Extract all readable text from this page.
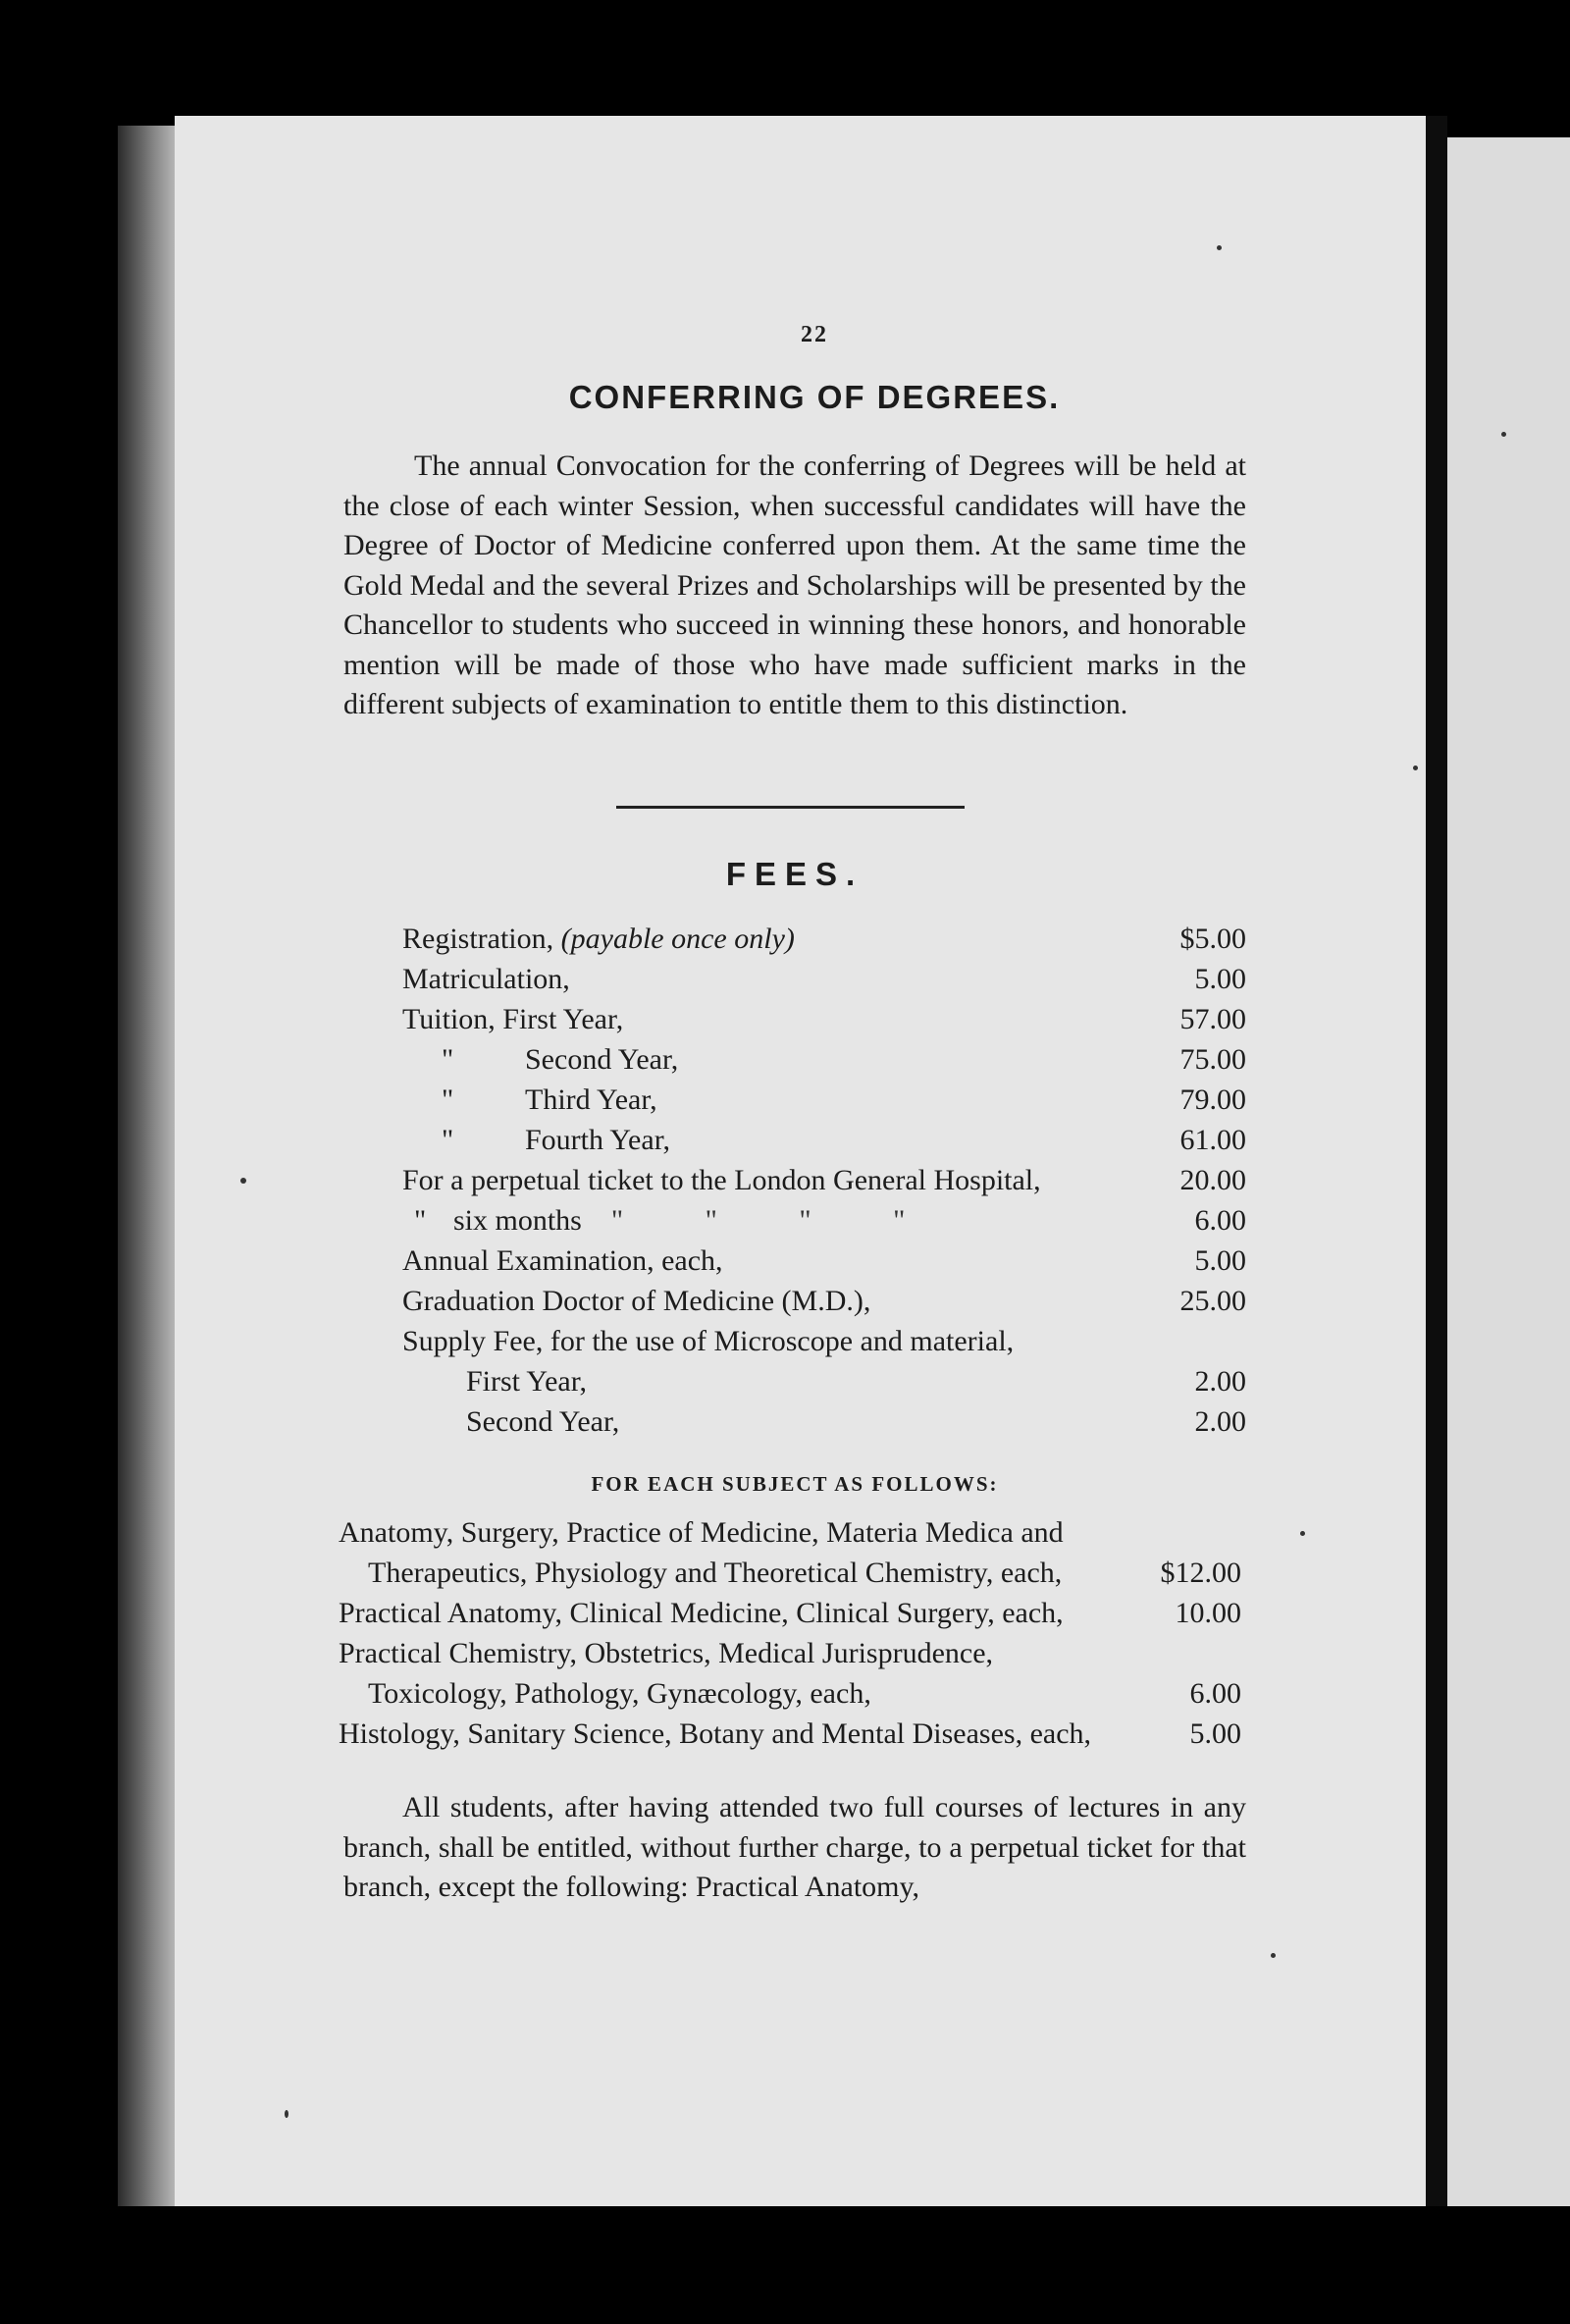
22
CONFERRING OF DEGREES.
The annual Convocation for the conferring of Degrees will be held at the close of each winter Session, when successful candidates will have the Degree of Doctor of Medicine conferred upon them. At the same time the Gold Medal and the several Prizes and Scholarships will be presented by the Chancellor to students who succeed in winning these honors, and honorable mention will be made of those who have made sufficient marks in the different subjects of examination to entitle them to this distinction.
FEES.
Registration, (payable once only)	$5.00
Matriculation,	5.00
Tuition, First Year,	57.00
" Second Year,	75.00
" Third Year,	79.00
" Fourth Year,	61.00
For a perpetual ticket to the London General Hospital,	20.00
" six months " " " "	6.00
Annual Examination, each,	5.00
Graduation Doctor of Medicine (M.D.),	25.00
Supply Fee, for the use of Microscope and material,
First Year,	2.00
Second Year,	2.00
FOR EACH SUBJECT AS FOLLOWS:
Anatomy, Surgery, Practice of Medicine, Materia Medica and
Therapeutics, Physiology and Theoretical Chemistry, each,	$12.00
Practical Anatomy, Clinical Medicine, Clinical Surgery, each,	10.00
Practical Chemistry, Obstetrics, Medical Jurisprudence,
Toxicology, Pathology, Gynæcology, each,	6.00
Histology, Sanitary Science, Botany and Mental Diseases, each,	5.00
All students, after having attended two full courses of lectures in any branch, shall be entitled, without further charge, to a perpetual ticket for that branch, except the following: Practical Anatomy,
